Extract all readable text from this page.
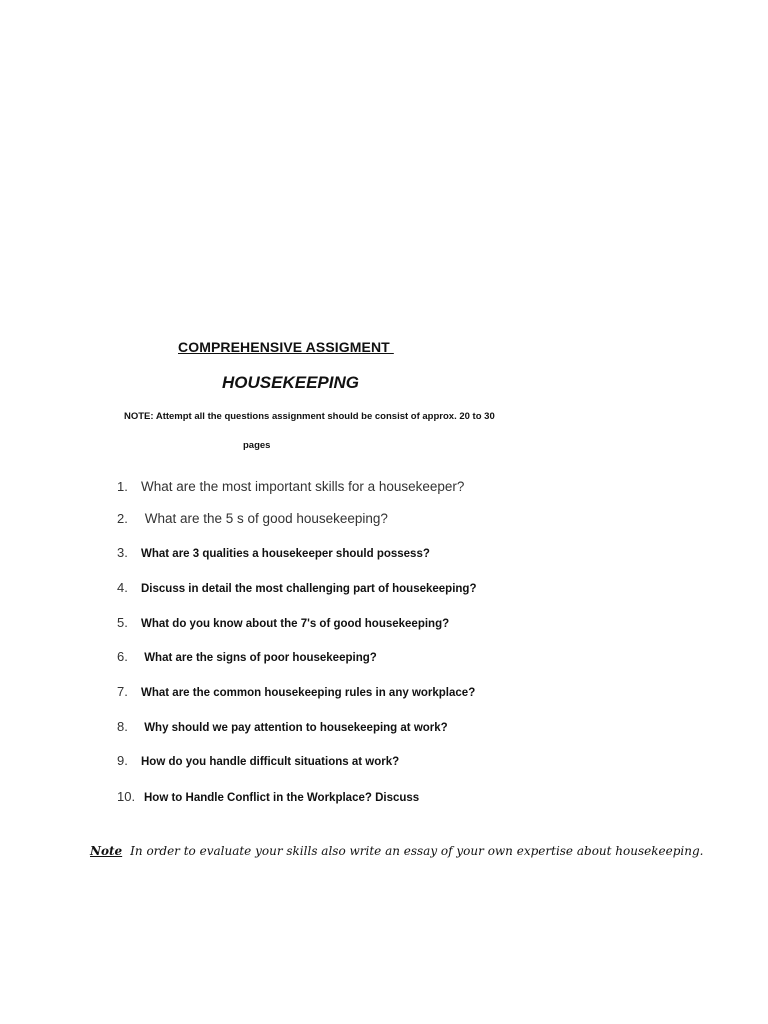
COMPREHENSIVE ASSIGMENT
HOUSEKEEPING
NOTE: Attempt all the questions assignment should be consist of approx. 20 to 30
pages
1. What are the most important skills for a housekeeper?
2. What are the 5 s of good housekeeping?
3. What are 3 qualities a housekeeper should possess?
4. Discuss in detail the most challenging part of housekeeping?
5. What do you know about the 7's of good housekeeping?
6. What are the signs of poor housekeeping?
7. What are the common housekeeping rules in any workplace?
8. Why should we pay attention to housekeeping at work?
9. How do you handle difficult situations at work?
10. How to Handle Conflict in the Workplace? Discuss
Note In order to evaluate your skills also write an essay of your own expertise about housekeeping.
